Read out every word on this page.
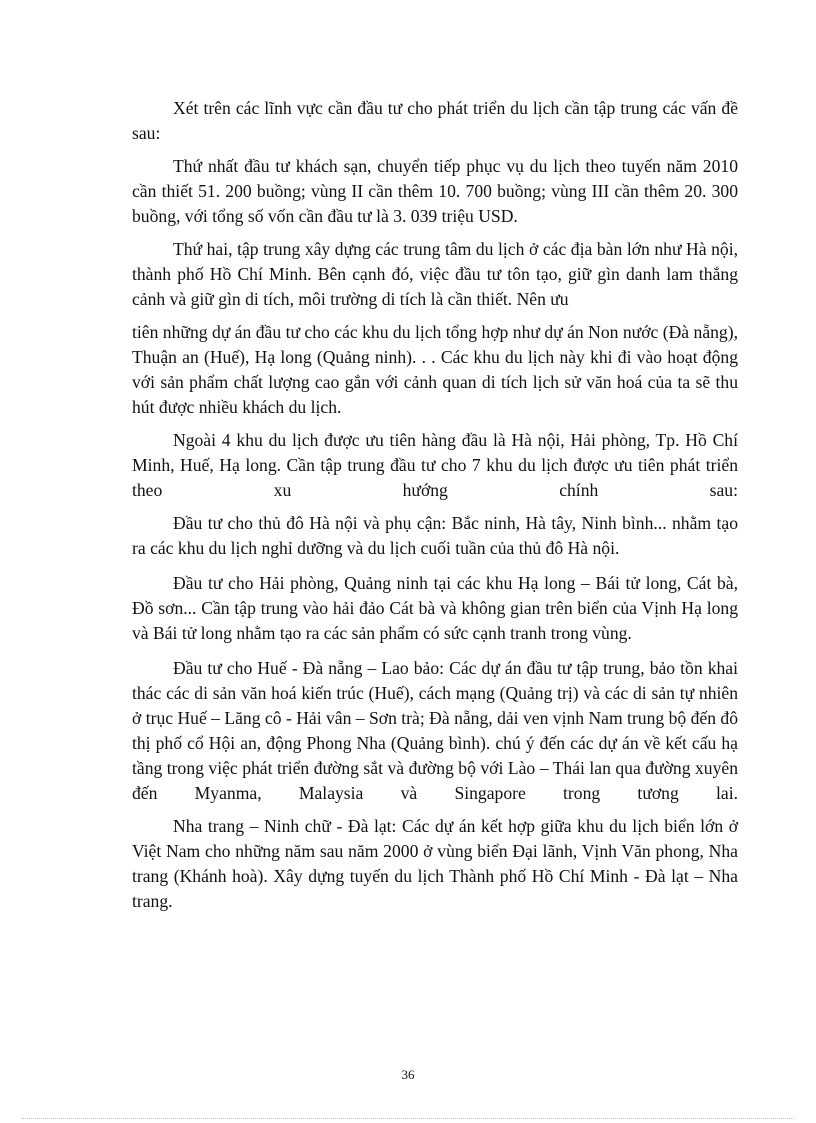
Xét trên các lĩnh vực cần đầu tư cho phát triển du lịch cần tập trung các vấn đề sau:

Thứ nhất đầu tư khách sạn, chuyển tiếp phục vụ du lịch theo tuyến năm 2010 cần thiết 51. 200 buồng; vùng II cần thêm 10. 700 buồng; vùng III cần thêm 20. 300 buồng, với tổng số vốn cần đầu tư là 3. 039 triệu USD.

Thứ hai, tập trung xây dựng các trung tâm du lịch ở các địa bàn lớn như Hà nội, thành phố Hồ Chí Minh. Bên cạnh đó, việc đầu tư tôn tạo, giữ gìn danh lam thắng cảnh và giữ gìn di tích, môi trường di tích là cần thiết. Nên ưu

tiên những dự án đầu tư cho các khu du lịch tổng hợp như dự án Non nước (Đà nẵng), Thuận an (Huế), Hạ long (Quảng ninh). . . Các khu du lịch này khi đi vào hoạt động với sản phẩm chất lượng cao gắn với cảnh quan di tích lịch sử văn hoá của ta sẽ thu hút được nhiều khách du lịch.

Ngoài 4 khu du lịch được ưu tiên hàng đầu là Hà nội, Hải phòng, Tp. Hồ Chí Minh, Huế, Hạ long. Cần tập trung đầu tư cho 7 khu du lịch được ưu tiên phát triển theo xu hướng chính sau:

Đầu tư cho thủ đô Hà nội và phụ cận: Bắc ninh, Hà tây, Ninh bình... nhằm tạo ra các khu du lịch nghỉ dưỡng và du lịch cuối tuần của thủ đô Hà nội.

Đầu tư cho Hải phòng, Quảng ninh tại các khu Hạ long – Bái tử long, Cát bà, Đồ sơn... Cần tập trung vào hải đảo Cát bà và không gian trên biển của Vịnh Hạ long và Bái tử long nhằm tạo ra các sản phẩm có sức cạnh tranh trong vùng.

Đầu tư cho Huế - Đà nẵng – Lao bảo: Các dự án đầu tư tập trung, bảo tồn khai thác các di sản văn hoá kiến trúc (Huế), cách mạng (Quảng trị) và các di sản tự nhiên ở trục Huế – Lăng cô - Hải vân – Sơn trà; Đà nẵng, dải ven vịnh Nam trung bộ đến đô thị phố cổ Hội an, động Phong Nha (Quảng bình). chú ý đến các dự án về kết cấu hạ tầng trong việc phát triển đường sắt và đường bộ với Lào – Thái lan qua đường xuyên đến Myanma, Malaysia và Singapore trong tương lai.

Nha trang – Ninh chữ - Đà lạt: Các dự án kết hợp giữa khu du lịch biển lớn ở Việt Nam cho những năm sau năm 2000 ở vùng biển Đại lãnh, Vịnh Văn phong, Nha trang (Khánh hoà). Xây dựng tuyến du lịch Thành phố Hồ Chí Minh - Đà lạt – Nha trang.

36
